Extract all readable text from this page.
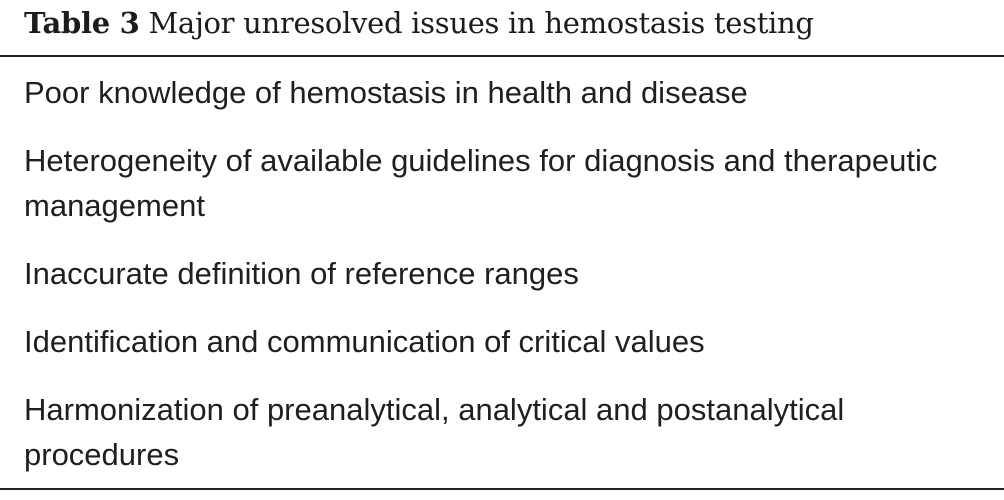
Table 3 Major unresolved issues in hemostasis testing
Poor knowledge of hemostasis in health and disease
Heterogeneity of available guidelines for diagnosis and therapeutic management
Inaccurate definition of reference ranges
Identification and communication of critical values
Harmonization of preanalytical, analytical and postanalytical procedures
